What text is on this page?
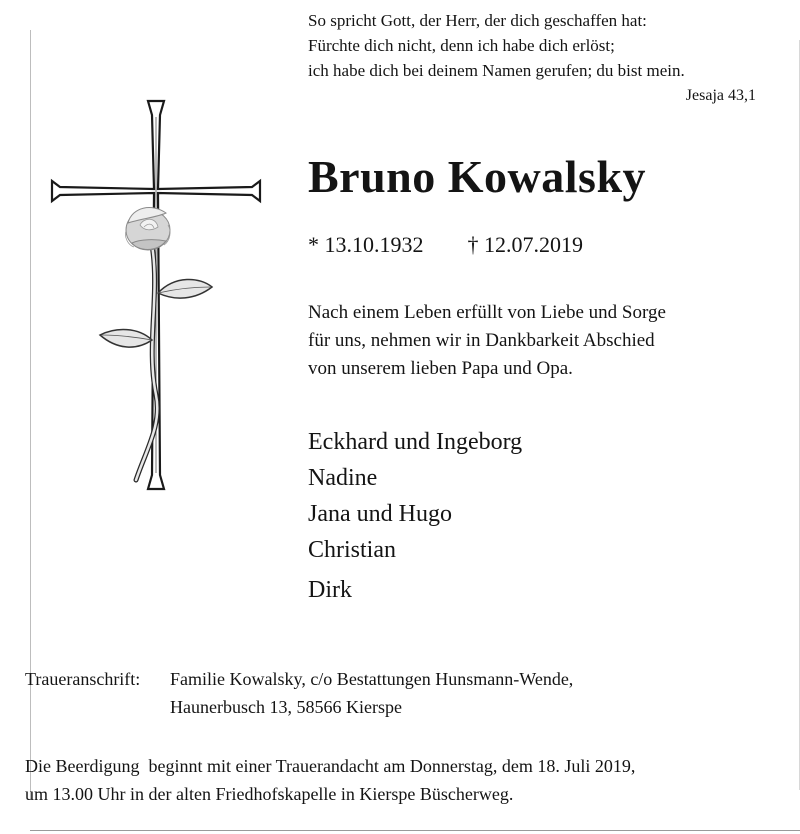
So spricht Gott, der Herr, der dich geschaffen hat:
Fürchte dich nicht, denn ich habe dich erlöst;
ich habe dich bei deinem Namen gerufen; du bist mein.
Jesaja 43,1
Bruno Kowalsky
* 13.10.1932 † 12.07.2019
Nach einem Leben erfüllt von Liebe und Sorge
für uns, nehmen wir in Dankbarkeit Abschied
von unserem lieben Papa und Opa.
Eckhard und Ingeborg
Nadine
Jana und Hugo
Christian
Dirk
Traueranschrift: Familie Kowalsky, c/o Bestattungen Hunsmann-Wende,
Haunerbusch 13, 58566 Kierspe
Die Beerdigung  beginnt mit einer Trauerandacht am Donnerstag, dem 18. Juli 2019,
um 13.00 Uhr in der alten Friedhofskapelle in Kierspe Büscherweg.
